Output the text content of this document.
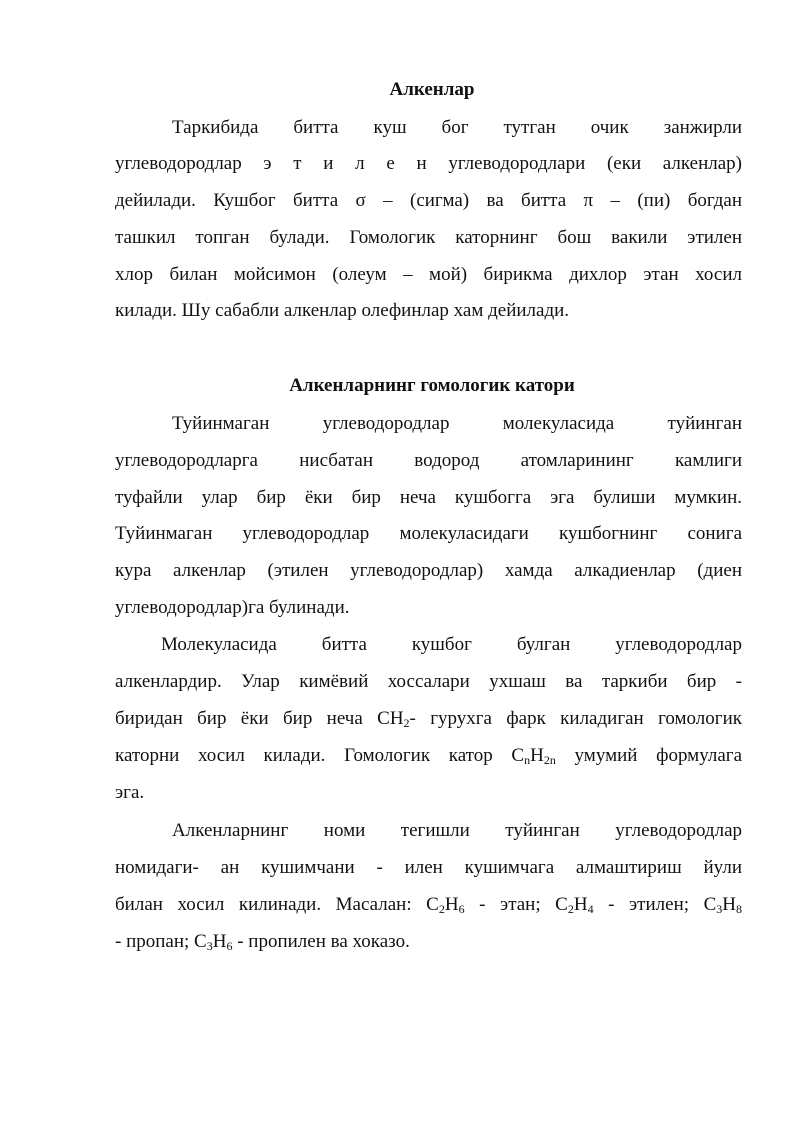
Алкенлар
Таркибида битта куш бог тутган очик занжирли
углеводородлар э т и л е н углеводородлари (еки алкенлар)
дейилади. Кушбог битта σ – (сигма) ва битта π – (пи) богдан
ташкил топган булади. Гомологик каторнинг бош вакили этилен
хлор билан мойсимон (олеум – мой) бирикма дихлор этан хосил
килади. Шу сабабли алкенлар олефинлар хам дейилади.
Алкенларнинг гомологик катори
Туйинмаган углеводородлар молекуласида туйинган
углеводородларга нисбатан водород атомларининг камлиги
туфайли улар бир ёки бир неча кушбогга эга булиши мумкин.
Туйинмаган углеводородлар молекуласидаги кушбогнинг сонига
кура алкенлар (этилен углеводородлар) хамда алкадиенлар (диен
углеводородлар)га булинади.
Молекуласида битта кушбог булган углеводородлар
алкенлардир. Улар кимёвий хоссалари ухшаш ва таркиби бир -
биридан бир ёки бир неча $CH_2-$ гурухга фарк киладиган гомологик
каторни хосил килади. Гомологик катор $C_nH_{2n}$ умумий формулага
эга.
Алкенларнинг номи тегишли туйинган углеводородлар
номидаги- ан кушимчани - илен кушимчага алмаштириш йули
билан хосил килинади. Масалан: $C_2H_6$ - этан; $C_2H_4$ - этилен; $C_3H_8$
- пропан; $C_3H_6$ - пропилен ва хоказо.
